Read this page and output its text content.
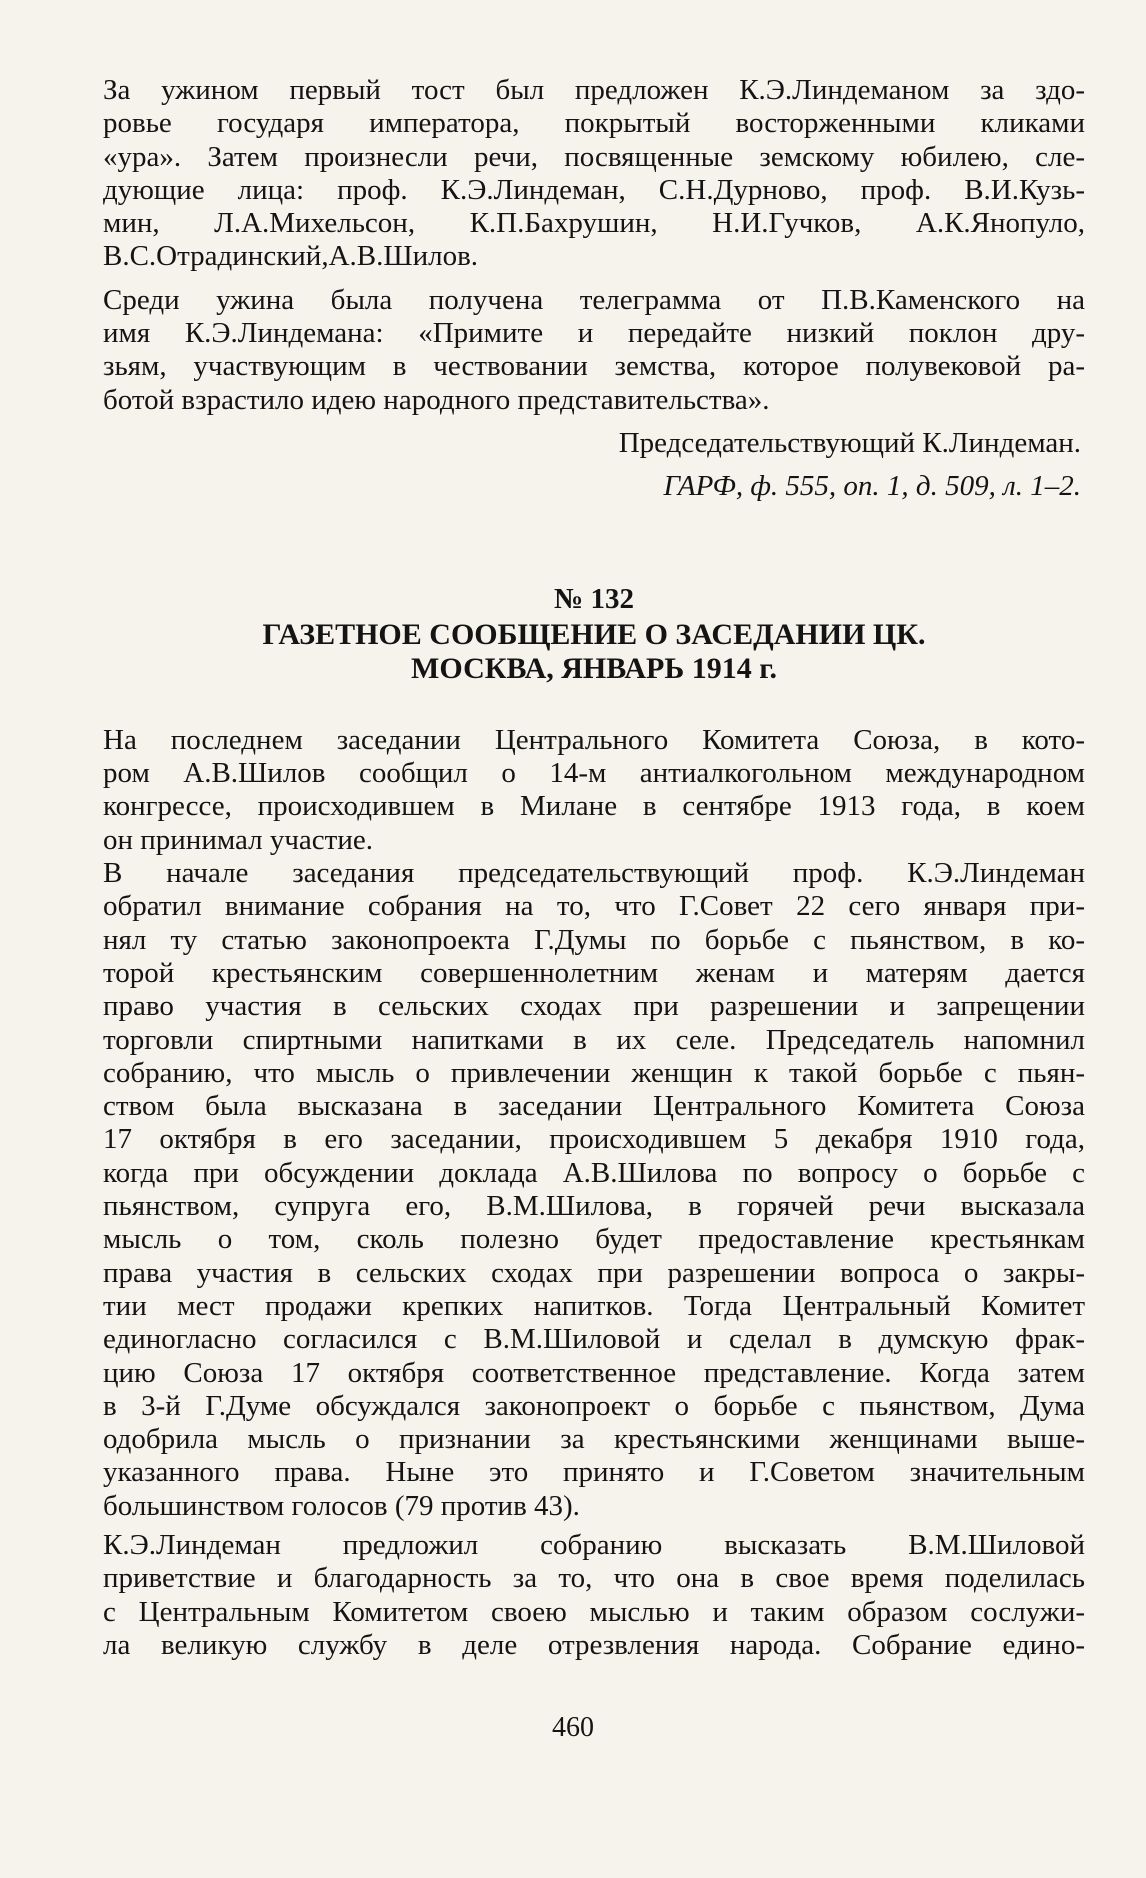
За ужином первый тост был предложен К.Э.Линдеманом за здо-
ровье государя императора, покрытый восторженными кликами
«ура». Затем произнесли речи, посвященные земскому юбилею, сле-
дующие лица: проф. К.Э.Линдеман, С.Н.Дурново, проф. В.И.Кузь-
мин, Л.А.Михельсон, К.П.Бахрушин, Н.И.Гучков, А.К.Янопуло,
В.С.Отрадинский,А.В.Шилов.
Среди ужина была получена телеграмма от П.В.Каменского на
имя К.Э.Линдемана: «Примите и передайте низкий поклон дру-
зьям, участвующим в чествовании земства, которое полувековой ра-
ботой взрастило идею народного представительства».

Председательствующий К.Линдеман.

ГАРФ, ф. 555, оп. 1, д. 509, л. 1–2.

№ 132

ГАЗЕТНОЕ СООБЩЕНИЕ О ЗАСЕДАНИИ ЦК.
МОСКВА, ЯНВАРЬ 1914 г.
На последнем заседании Центрального Комитета Союза, в кото-
ром А.В.Шилов сообщил о 14-м антиалкогольном международном
конгрессе, происходившем в Милане в сентябре 1913 года, в коем
он принимал участие.
В начале заседания председательствующий проф. К.Э.Линдеман
обратил внимание собрания на то, что Г.Совет 22 сего января при-
нял ту статью законопроекта Г.Думы по борьбе с пьянством, в ко-
торой крестьянским совершеннолетним женам и матерям дается
право участия в сельских сходах при разрешении и запрещении
торговли спиртными напитками в их селе. Председатель напомнил
собранию, что мысль о привлечении женщин к такой борьбе с пьян-
ством была высказана в заседании Центрального Комитета Союза
17 октября в его заседании, происходившем 5 декабря 1910 года,
когда при обсуждении доклада А.В.Шилова по вопросу о борьбе с
пьянством, супруга его, В.М.Шилова, в горячей речи высказала
мысль о том, сколь полезно будет предоставление крестьянкам
права участия в сельских сходах при разрешении вопроса о закры-
тии мест продажи крепких напитков. Тогда Центральный Комитет
единогласно согласился с В.М.Шиловой и сделал в думскую фрак-
цию Союза 17 октября соответственное представление. Когда затем
в 3-й Г.Думе обсуждался законопроект о борьбе с пьянством, Дума
одобрила мысль о признании за крестьянскими женщинами выше-
указанного права. Ныне это принято и Г.Советом значительным
большинством голосов (79 против 43).
К.Э.Линдеман предложил собранию высказать В.М.Шиловой
приветствие и благодарность за то, что она в свое время поделилась
с Центральным Комитетом своею мыслью и таким образом сослужи-
ла великую службу в деле отрезвления народа. Собрание едино-
460
